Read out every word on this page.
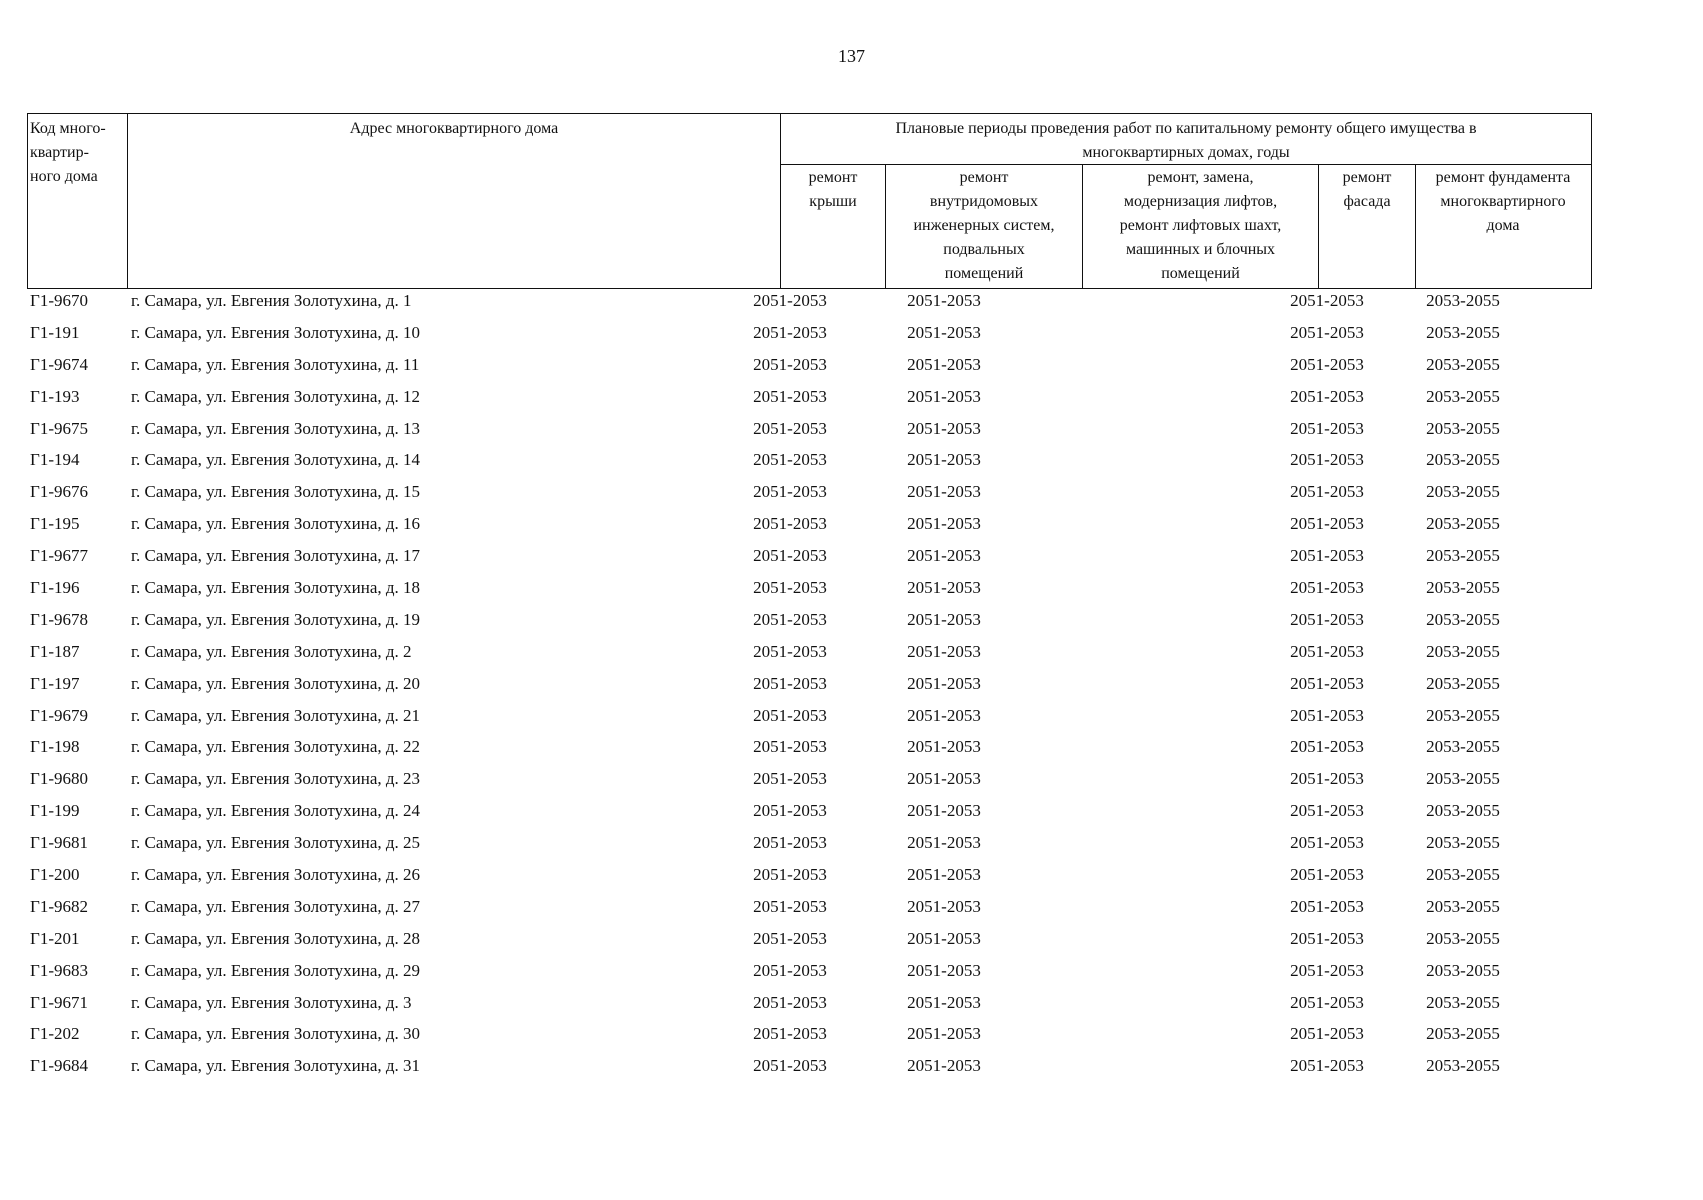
137
Код много-
квартир-
ного дома
Адрес многоквартирного дома	Плановые периоды проведения работ по капитальному ремонту общего имущества в
многоквартирных домах, годы
ремонт
крыши
ремонт
внутридомовых
инженерных систем,
подвальных
помещений
ремонт, замена,
модернизация лифтов,
ремонт лифтовых шахт,
машинных и блочных
помещений
ремонт
фасада
ремонт фундамента
многоквартирного
дома
Г1-9670	г. Самара, ул. Евгения Золотухина, д. 1	2051-2053	2051-2053	2051-2053	2053-2055
Г1-191	г. Самара, ул. Евгения Золотухина, д. 10	2051-2053	2051-2053	2051-2053	2053-2055
Г1-9674	г. Самара, ул. Евгения Золотухина, д. 11	2051-2053	2051-2053	2051-2053	2053-2055
Г1-193	г. Самара, ул. Евгения Золотухина, д. 12	2051-2053	2051-2053	2051-2053	2053-2055
Г1-9675	г. Самара, ул. Евгения Золотухина, д. 13	2051-2053	2051-2053	2051-2053	2053-2055
Г1-194	г. Самара, ул. Евгения Золотухина, д. 14	2051-2053	2051-2053	2051-2053	2053-2055
Г1-9676	г. Самара, ул. Евгения Золотухина, д. 15	2051-2053	2051-2053	2051-2053	2053-2055
Г1-195	г. Самара, ул. Евгения Золотухина, д. 16	2051-2053	2051-2053	2051-2053	2053-2055
Г1-9677	г. Самара, ул. Евгения Золотухина, д. 17	2051-2053	2051-2053	2051-2053	2053-2055
Г1-196	г. Самара, ул. Евгения Золотухина, д. 18	2051-2053	2051-2053	2051-2053	2053-2055
Г1-9678	г. Самара, ул. Евгения Золотухина, д. 19	2051-2053	2051-2053	2051-2053	2053-2055
Г1-187	г. Самара, ул. Евгения Золотухина, д. 2	2051-2053	2051-2053	2051-2053	2053-2055
Г1-197	г. Самара, ул. Евгения Золотухина, д. 20	2051-2053	2051-2053	2051-2053	2053-2055
Г1-9679	г. Самара, ул. Евгения Золотухина, д. 21	2051-2053	2051-2053	2051-2053	2053-2055
Г1-198	г. Самара, ул. Евгения Золотухина, д. 22	2051-2053	2051-2053	2051-2053	2053-2055
Г1-9680	г. Самара, ул. Евгения Золотухина, д. 23	2051-2053	2051-2053	2051-2053	2053-2055
Г1-199	г. Самара, ул. Евгения Золотухина, д. 24	2051-2053	2051-2053	2051-2053	2053-2055
Г1-9681	г. Самара, ул. Евгения Золотухина, д. 25	2051-2053	2051-2053	2051-2053	2053-2055
Г1-200	г. Самара, ул. Евгения Золотухина, д. 26	2051-2053	2051-2053	2051-2053	2053-2055
Г1-9682	г. Самара, ул. Евгения Золотухина, д. 27	2051-2053	2051-2053	2051-2053	2053-2055
Г1-201	г. Самара, ул. Евгения Золотухина, д. 28	2051-2053	2051-2053	2051-2053	2053-2055
Г1-9683	г. Самара, ул. Евгения Золотухина, д. 29	2051-2053	2051-2053	2051-2053	2053-2055
Г1-9671	г. Самара, ул. Евгения Золотухина, д. 3	2051-2053	2051-2053	2051-2053	2053-2055
Г1-202	г. Самара, ул. Евгения Золотухина, д. 30	2051-2053	2051-2053	2051-2053	2053-2055
Г1-9684	г. Самара, ул. Евгения Золотухина, д. 31	2051-2053	2051-2053	2051-2053	2053-2055
